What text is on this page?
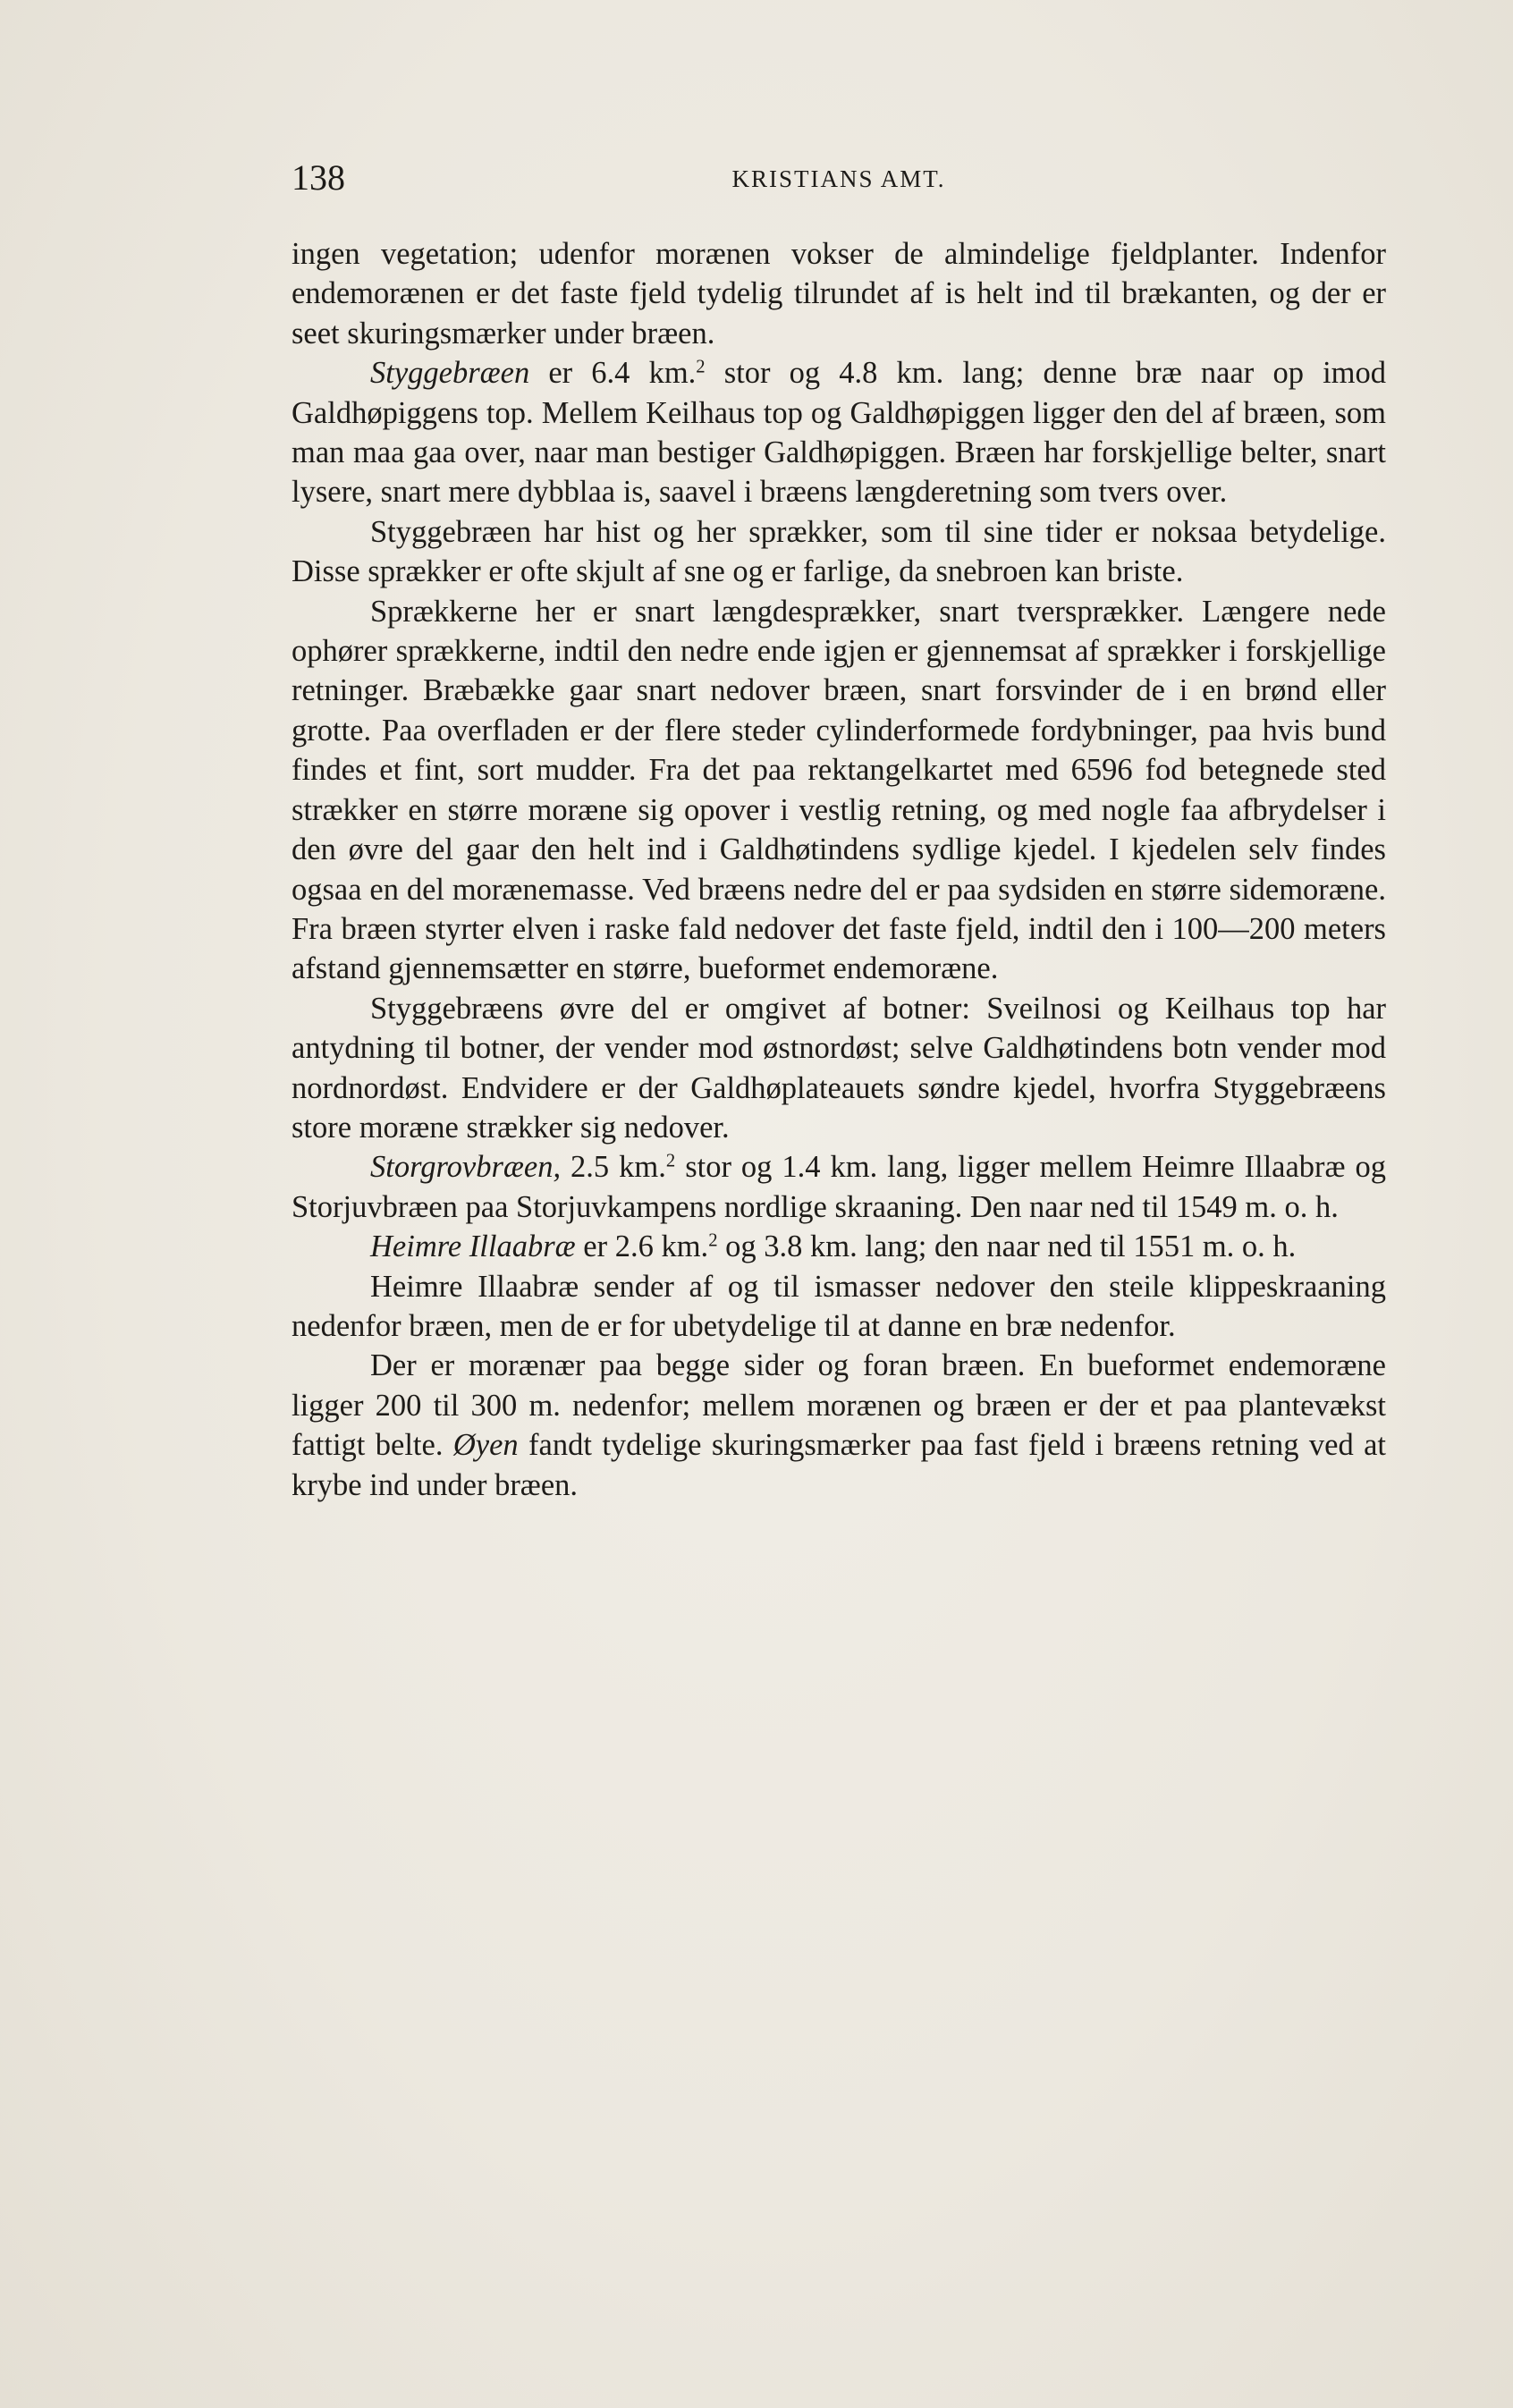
138	KRISTIANS AMT.

ingen vegetation; udenfor morænen vokser de almindelige fjeldplanter. Indenfor endemorænen er det faste fjeld tydelig tilrundet af is helt ind til brækanten, og der er seet skuringsmærker under bræen.

Styggebræen er 6.4 km.$^2$ stor og 4.8 km. lang; denne bræ naar op imod Galdhøpiggens top. Mellem Keilhaus top og Galdhøpiggen ligger den del af bræen, som man maa gaa over, naar man bestiger Galdhøpiggen. Bræen har forskjellige belter, snart lysere, snart mere dybblaa is, saavel i bræens længderetning som tvers over.

Styggebræen har hist og her sprækker, som til sine tider er noksaa betydelige. Disse sprækker er ofte skjult af sne og er farlige, da snebroen kan briste.

Sprækkerne her er snart længdesprækker, snart tversprækker. Længere nede ophører sprækkerne, indtil den nedre ende igjen er gjennemsat af sprækker i forskjellige retninger. Bræbække gaar snart nedover bræen, snart forsvinder de i en brønd eller grotte. Paa overfladen er der flere steder cylinderformede fordybninger, paa hvis bund findes et fint, sort mudder. Fra det paa rektangelkartet med 6596 fod betegnede sted strækker en større moræne sig opover i vestlig retning, og med nogle faa afbrydelser i den øvre del gaar den helt ind i Galdhøtindens sydlige kjedel. I kjedelen selv findes ogsaa en del morænemasse. Ved bræens nedre del er paa sydsiden en større sidemoræne. Fra bræen styrter elven i raske fald nedover det faste fjeld, indtil den i 100—200 meters afstand gjennemsætter en større, bueformet endemoræne.

Styggebræens øvre del er omgivet af botner: Sveilnosi og Keilhaus top har antydning til botner, der vender mod østnordøst; selve Galdhøtindens botn vender mod nordnordøst. Endvidere er der Galdhøplateauets søndre kjedel, hvorfra Styggebræens store moræne strækker sig nedover.

Storgrovbræen, 2.5 km.$^2$ stor og 1.4 km. lang, ligger mellem Heimre Illaabræ og Storjuvbræen paa Storjuvkampens nordlige skraaning. Den naar ned til 1549 m. o. h.

Heimre Illaabræ er 2.6 km.$^2$ og 3.8 km. lang; den naar ned til 1551 m. o. h.

Heimre Illaabræ sender af og til ismasser nedover den steile klippeskraaning nedenfor bræen, men de er for ubetydelige til at danne en bræ nedenfor.

Der er morænær paa begge sider og foran bræen. En bueformet endemoræne ligger 200 til 300 m. nedenfor; mellem morænen og bræen er der et paa plantevækst fattigt belte. Øyen fandt tydelige skuringsmærker paa fast fjeld i bræens retning ved at krybe ind under bræen.
